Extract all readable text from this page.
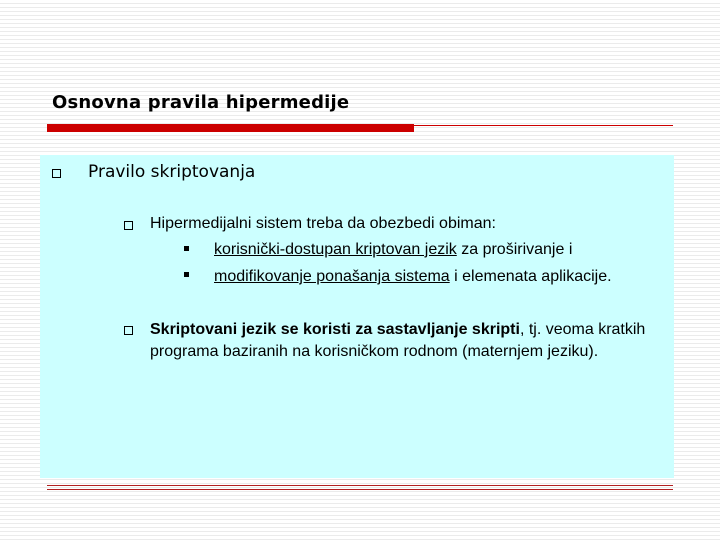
Osnovna pravila hipermedije
Pravilo skriptovanja
Hipermedijalni sistem treba da obezbedi obiman:
korisnički-dostupan kriptovan jezik za proširivanje i
modifikovanje ponašanja sistema i elemenata aplikacije.
Skriptovani jezik se koristi za sastavljanje skripti, tj. veoma kratkih programa baziranih na korisničkom rodnom (maternjem jeziku).
